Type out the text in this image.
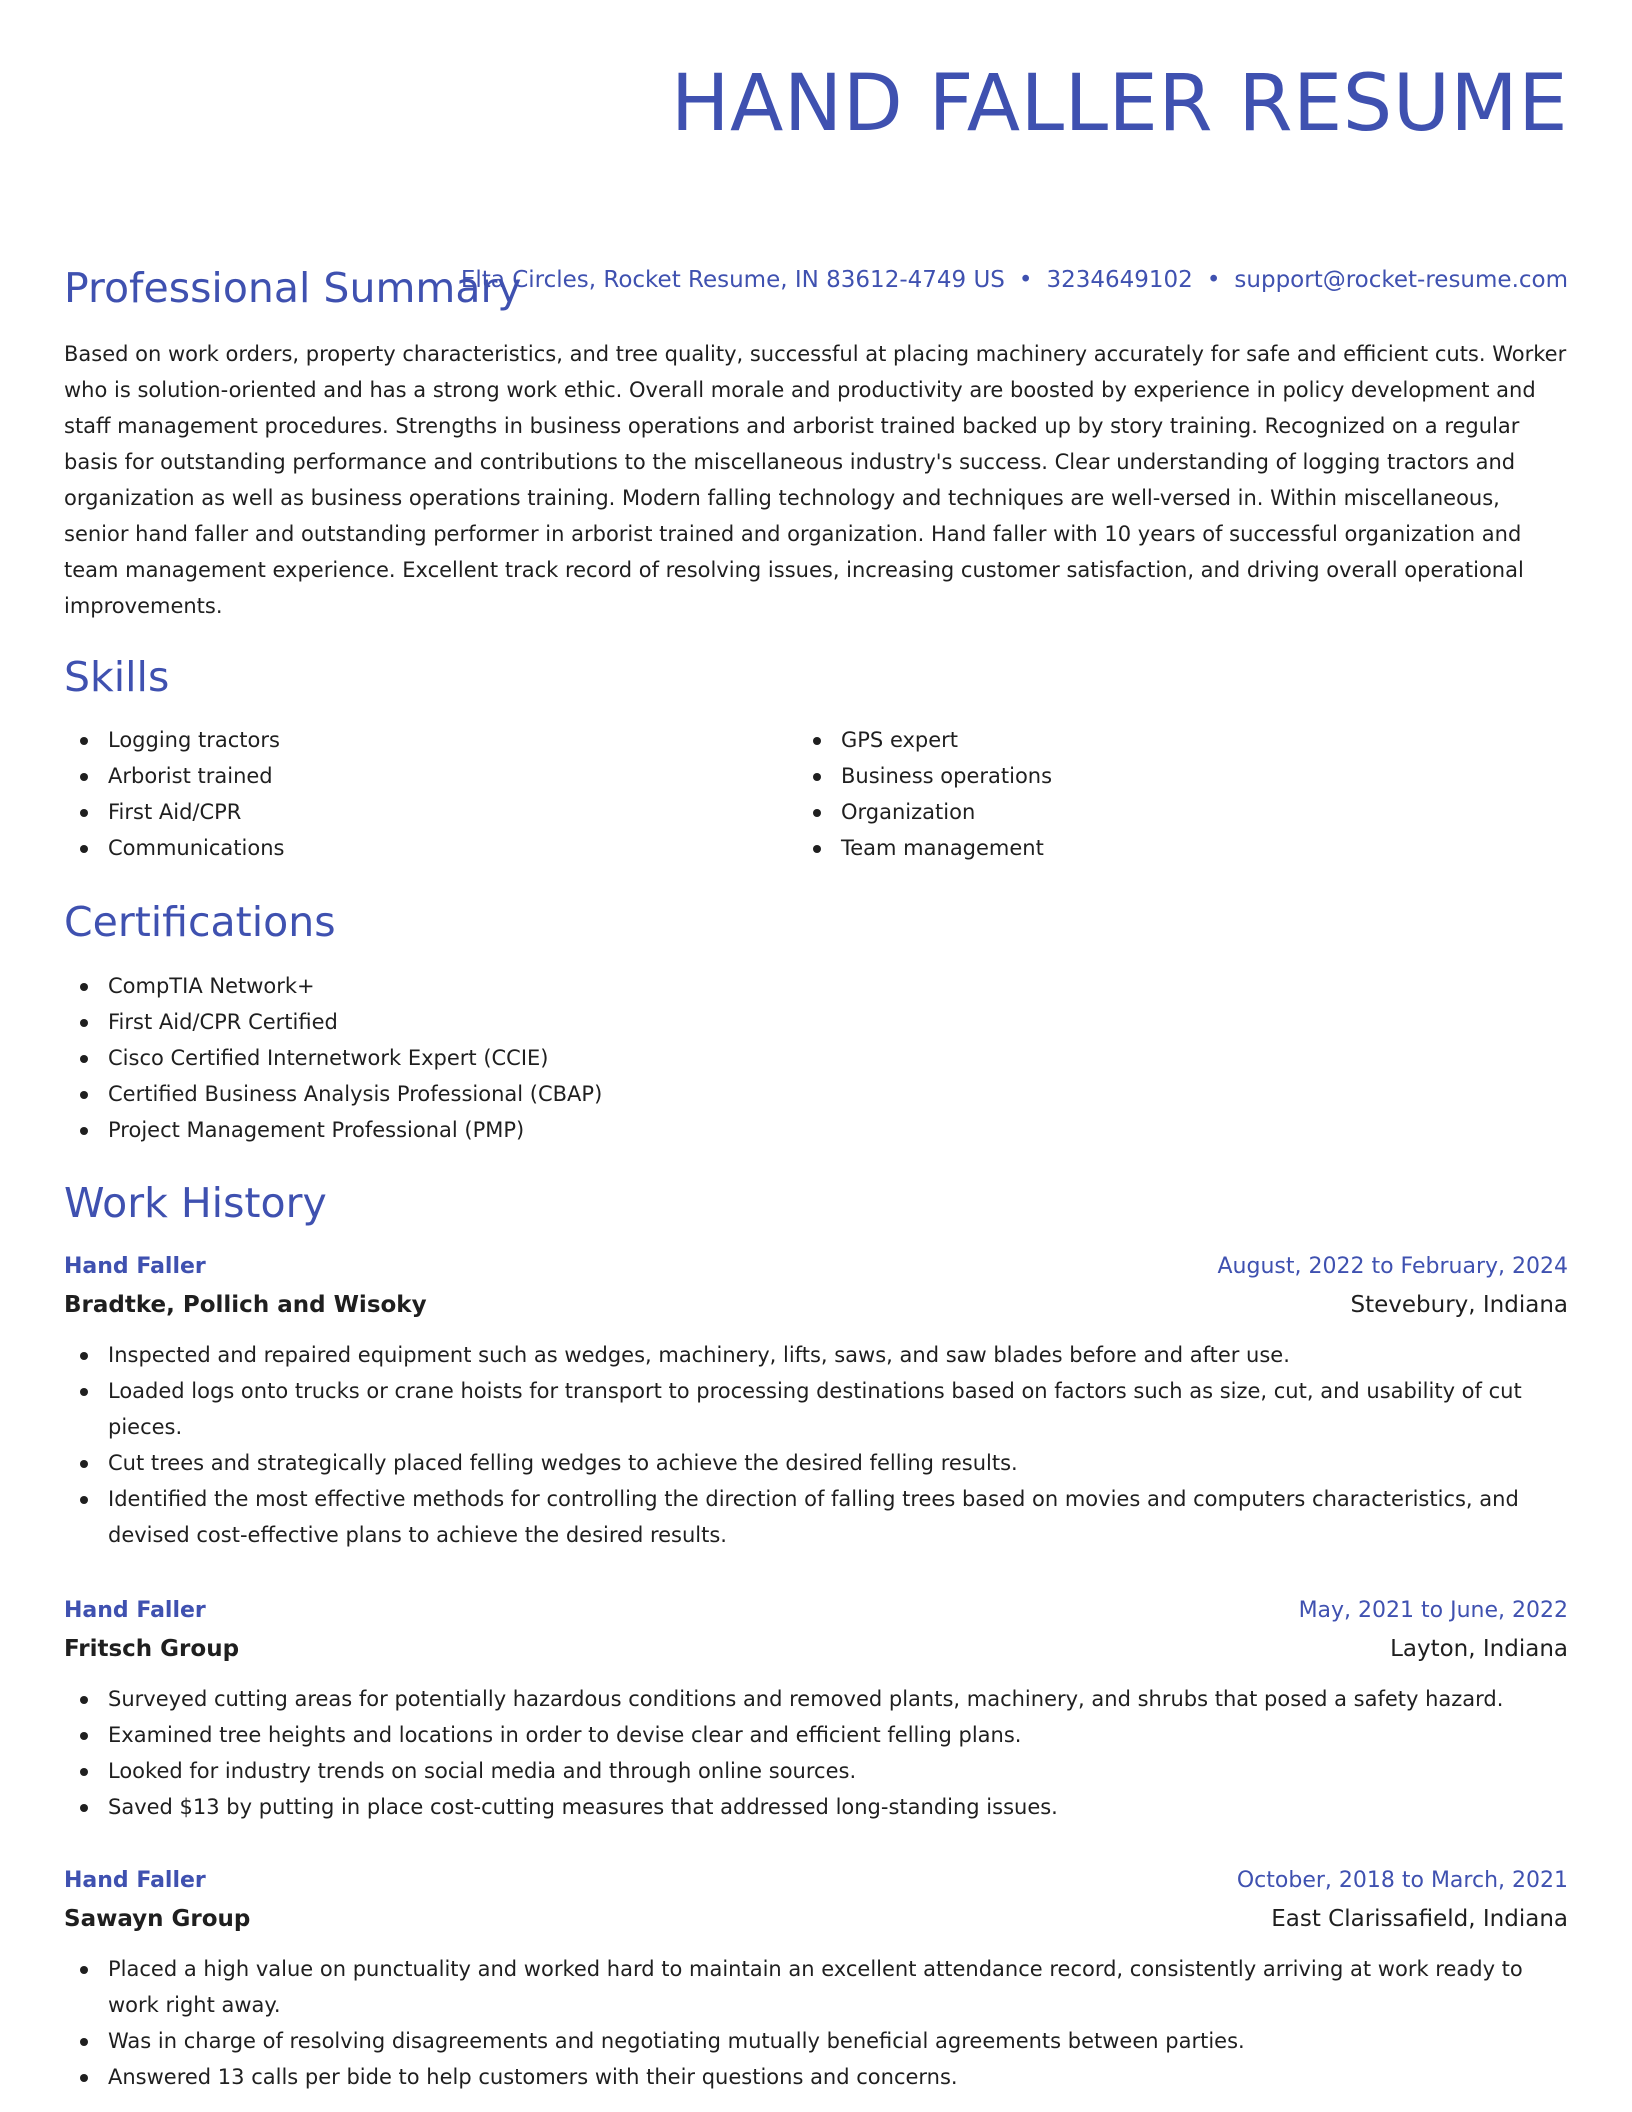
HAND FALLER RESUME
Elta Circles, Rocket Resume, IN 83612-4749 US • 3234649102 • support@rocket-resume.com
Professional Summary

Based on work orders, property characteristics, and tree quality, successful at placing machinery accurately for safe and efficient cuts. Worker who is solution-oriented and has a strong work ethic. Overall morale and productivity are boosted by experience in policy development and staff management procedures. Strengths in business operations and arborist trained backed up by story training. Recognized on a regular basis for outstanding performance and contributions to the miscellaneous industry's success. Clear understanding of logging tractors and organization as well as business operations training. Modern falling technology and techniques are well-versed in. Within miscellaneous, senior hand faller and outstanding performer in arborist trained and organization. Hand faller with 10 years of successful organization and team management experience. Excellent track record of resolving issues, increasing customer satisfaction, and driving overall operational improvements.

Skills
Logging tractors
Arborist trained
First Aid/CPR
Communications
GPS expert
Business operations
Organization
Team management
Certifications
CompTIA Network+
First Aid/CPR Certified
Cisco Certified Internetwork Expert (CCIE)
Certified Business Analysis Professional (CBAP)
Project Management Professional (PMP)
Work History
Hand Faller	August, 2022 to February, 2024
Bradtke, Pollich and Wisoky	Stevebury, Indiana
Inspected and repaired equipment such as wedges, machinery, lifts, saws, and saw blades before and after use.
Loaded logs onto trucks or crane hoists for transport to processing destinations based on factors such as size, cut, and usability of cut pieces.
Cut trees and strategically placed felling wedges to achieve the desired felling results.
Identified the most effective methods for controlling the direction of falling trees based on movies and computers characteristics, and devised cost-effective plans to achieve the desired results.
Hand Faller	May, 2021 to June, 2022
Fritsch Group	Layton, Indiana
Surveyed cutting areas for potentially hazardous conditions and removed plants, machinery, and shrubs that posed a safety hazard.
Examined tree heights and locations in order to devise clear and efficient felling plans.
Looked for industry trends on social media and through online sources.
Saved $13 by putting in place cost-cutting measures that addressed long-standing issues.
Hand Faller	October, 2018 to March, 2021
Sawayn Group	East Clarissafield, Indiana
Placed a high value on punctuality and worked hard to maintain an excellent attendance record, consistently arriving at work ready to work right away.
Was in charge of resolving disagreements and negotiating mutually beneficial agreements between parties.
Answered 13 calls per bide to help customers with their questions and concerns.
